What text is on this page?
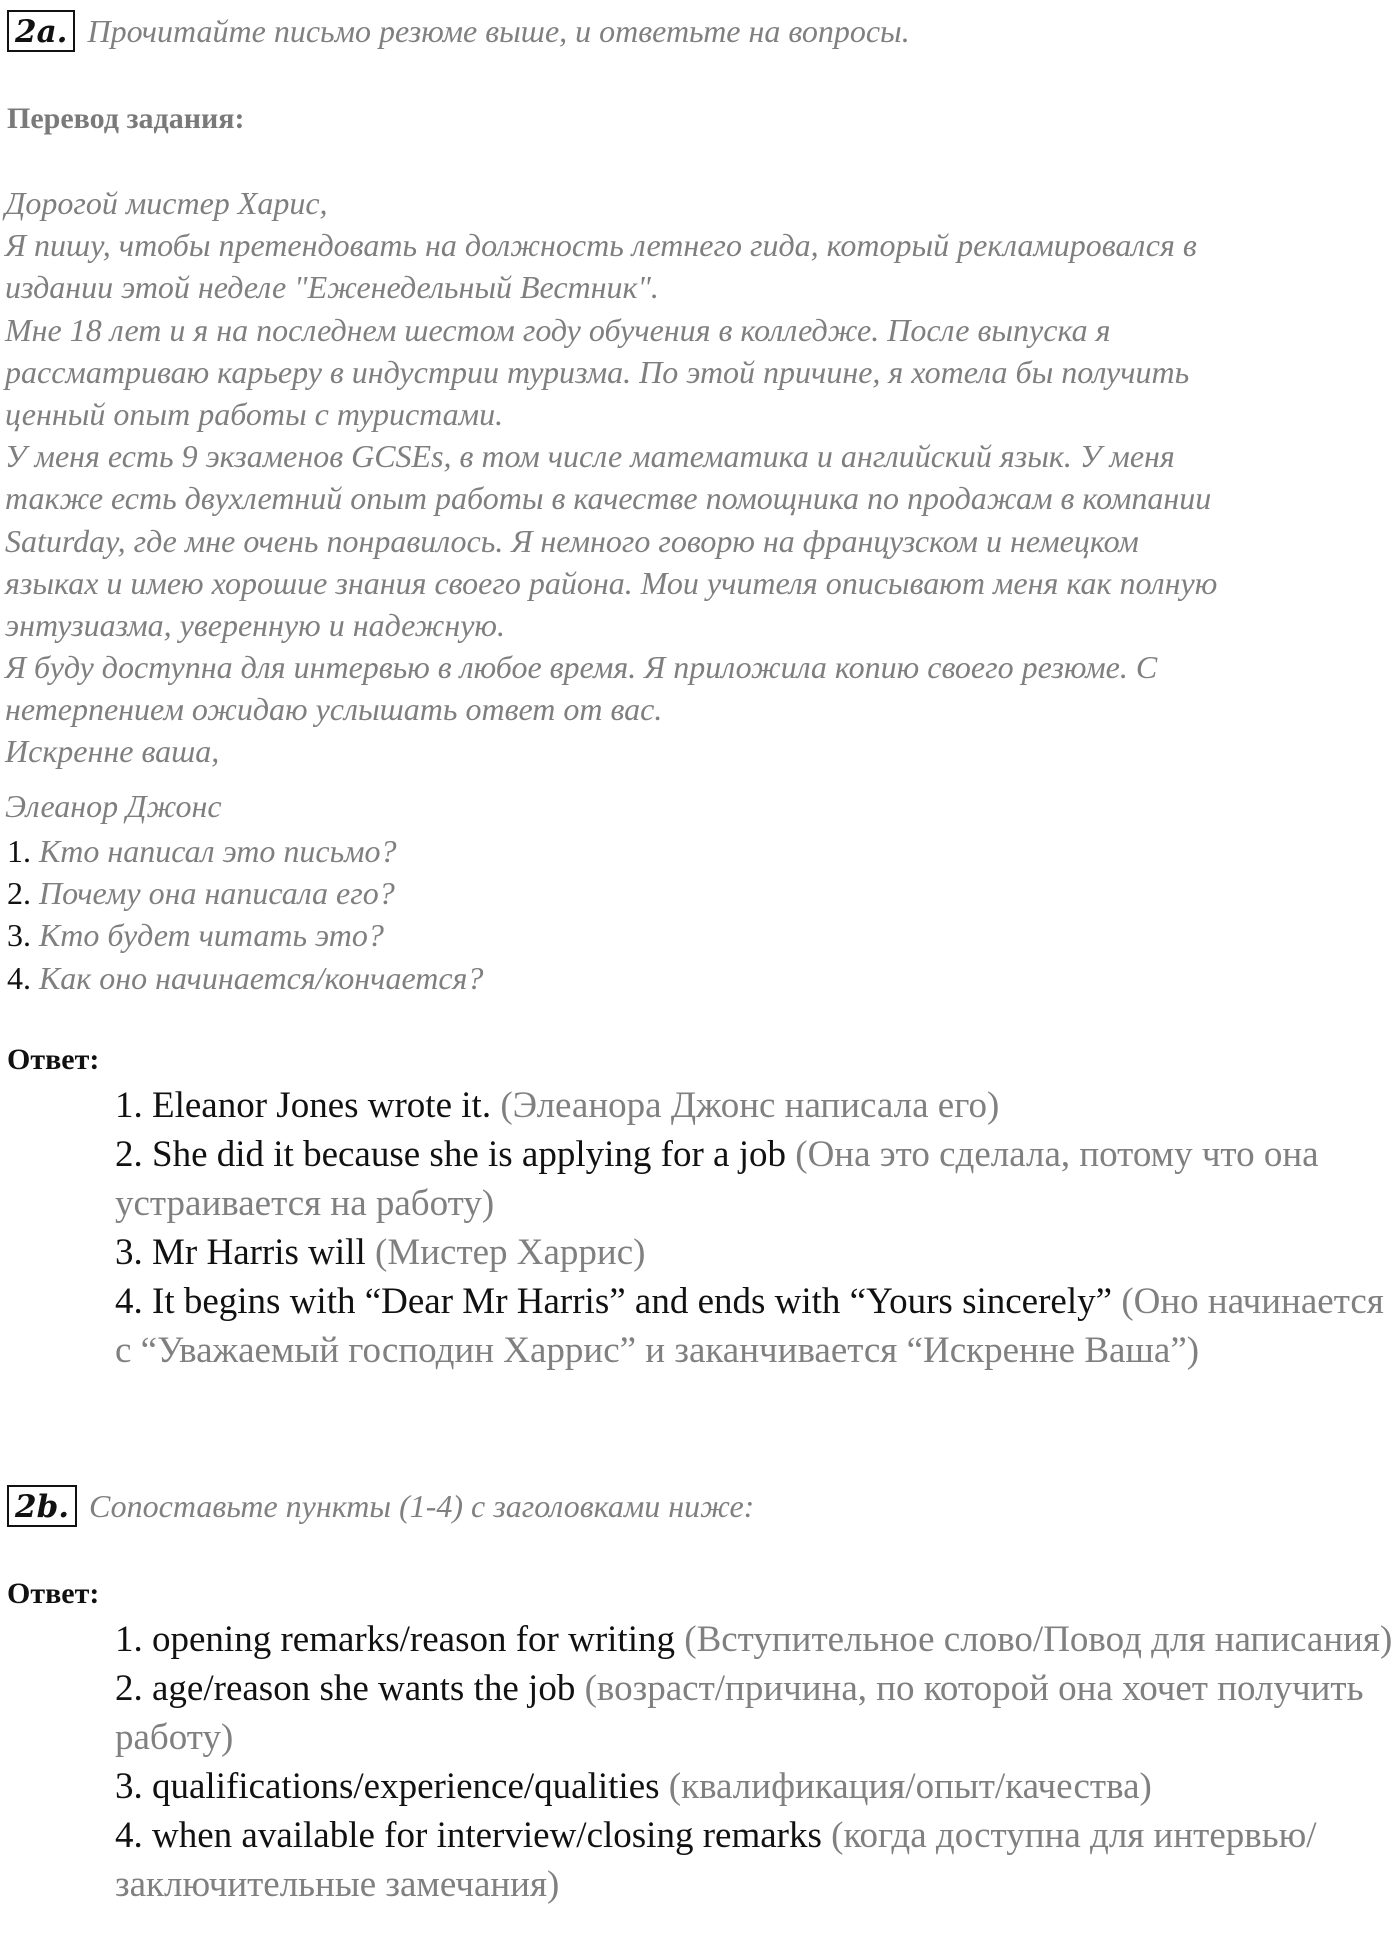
2a. Прочитайте письмо резюме выше, и ответьте на вопросы.
Перевод задания:
Дорогой мистер Харис,
Я пишу, чтобы претендовать на должность летнего гида, который рекламировался в
издании этой неделе "Еженедельный Вестник".
Мне 18 лет и я на последнем шестом году обучения в колледже. После выпуска я
рассматриваю карьеру в индустрии туризма. По этой причине, я хотела бы получить
ценный опыт работы с туристами.
У меня есть 9 экзаменов GCSEs, в том числе математика и английский язык. У меня
также есть двухлетний опыт работы в качестве помощника по продажам в компании
Saturday, где мне очень понравилось. Я немного говорю на французском и немецком
языках и имею хорошие знания своего района. Мои учителя описывают меня как полную
энтузиазма, уверенную и надежную.
Я буду доступна для интервью в любое время. Я приложила копию своего резюме. С
нетерпением ожидаю услышать ответ от вас.
Искренне ваша,
Элеанор Джонс
1. Кто написал это письмо?
2. Почему она написала его?
3. Кто будет читать это?
4. Как оно начинается/кончается?
Ответ:
1. Eleanor Jones wrote it. (Элеанора Джонс написала его)
2. She did it because she is applying for a job (Она это сделала, потому что она устраивается на работу)
3. Mr Harris will (Мистер Харрис)
4. It begins with “Dear Mr Harris” and ends with “Yours sincerely” (Оно начинается с “Уважаемый господин Харрис” и заканчивается “Искренне Ваша”)
2b. Сопоставьте пункты (1-4) с заголовками ниже:
Ответ:
1. opening remarks/reason for writing (Вступительное слово/Повод для написания)
2. age/reason she wants the job (возраст/причина, по которой она хочет получить работу)
3. qualifications/experience/qualities (квалификация/опыт/качества)
4. when available for interview/closing remarks (когда доступна для интервью/заключительные замечания)
